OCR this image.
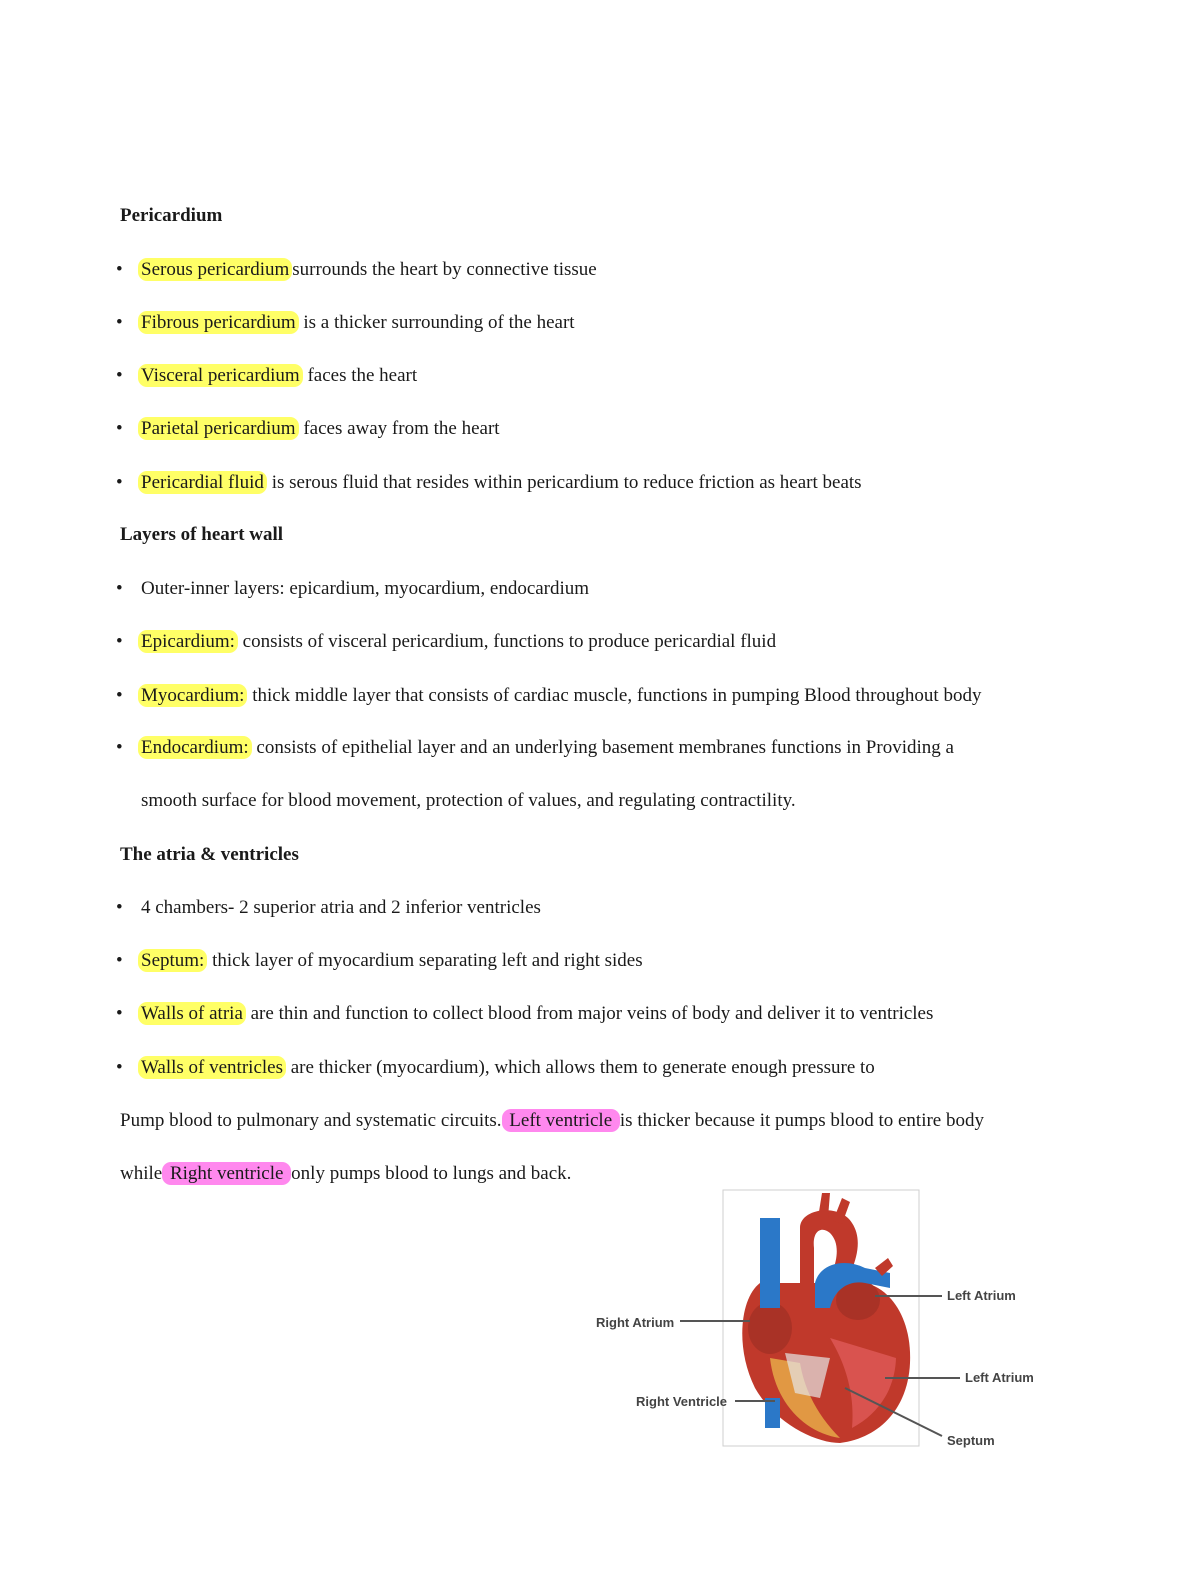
Pericardium
• Serous pericardium surrounds the heart by connective tissue
• Fibrous pericardium is a thicker surrounding of the heart
• Visceral pericardium faces the heart
• Parietal pericardium faces away from the heart
• Pericardial fluid is serous fluid that resides within pericardium to reduce friction as heart beats
Layers of heart wall
• Outer-inner layers: epicardium, myocardium, endocardium
• Epicardium: consists of visceral pericardium, functions to produce pericardial fluid
• Myocardium: thick middle layer that consists of cardiac muscle, functions in pumping Blood throughout body
• Endocardium: consists of epithelial layer and an underlying basement membranes functions in Providing a
smooth surface for blood movement, protection of values, and regulating contractility.
The atria & ventricles
• 4 chambers- 2 superior atria and 2 inferior ventricles
• Septum: thick layer of myocardium separating left and right sides
• Walls of atria are thin and function to collect blood from major veins of body and deliver it to ventricles
• Walls of ventricles are thicker (myocardium), which allows them to generate enough pressure to
Pump blood to pulmonary and systematic circuits. Left ventricle is thicker because it pumps blood to entire body
while Right ventricle only pumps blood to lungs and back.
Right Atrium
Right Ventricle
Left Atrium
Left Atrium
Septum
